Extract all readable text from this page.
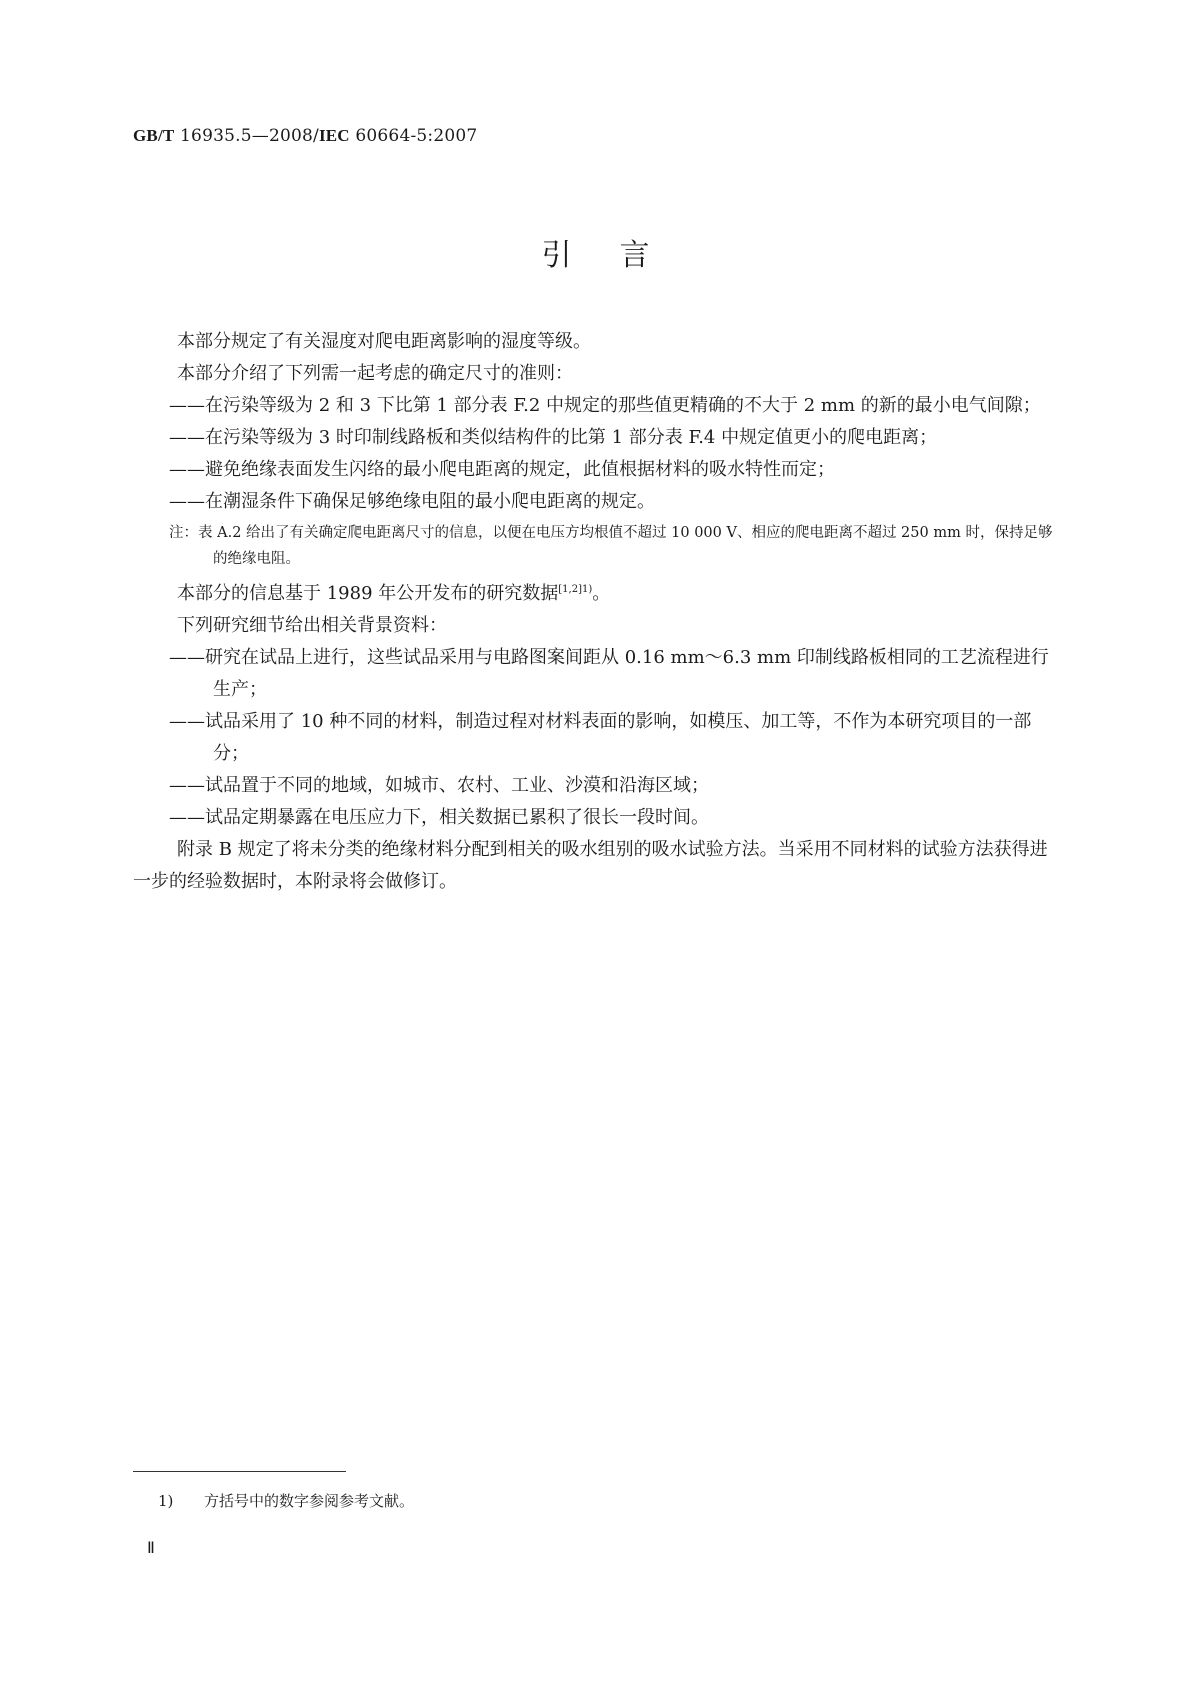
GB/T 16935.5—2008/IEC 60664-5:2007
引言

本部分规定了有关湿度对爬电距离影响的湿度等级。

本部分介绍了下列需一起考虑的确定尺寸的准则：

——在污染等级为 2 和 3 下比第 1 部分表 F.2 中规定的那些值更精确的不大于 2 mm 的新的最小电气间隙；

——在污染等级为 3 时印制线路板和类似结构件的比第 1 部分表 F.4 中规定值更小的爬电距离；

——避免绝缘表面发生闪络的最小爬电距离的规定，此值根据材料的吸水特性而定；

——在潮湿条件下确保足够绝缘电阻的最小爬电距离的规定。

注：表 A.2 给出了有关确定爬电距离尺寸的信息，以便在电压方均根值不超过 10 000 V、相应的爬电距离不超过 250 mm 时，保持足够的绝缘电阻。

本部分的信息基于 1989 年公开发布的研究数据$^{[1,2]1)}$。

下列研究细节给出相关背景资料：

——研究在试品上进行，这些试品采用与电路图案间距从 0.16 mm～6.3 mm 印制线路板相同的工艺流程进行生产；

——试品采用了 10 种不同的材料，制造过程对材料表面的影响，如模压、加工等，不作为本研究项目的一部分；

——试品置于不同的地域，如城市、农村、工业、沙漠和沿海区域；

——试品定期暴露在电压应力下，相关数据已累积了很长一段时间。

附录 B 规定了将未分类的绝缘材料分配到相关的吸水组别的吸水试验方法。当采用不同材料的试验方法获得进一步的经验数据时，本附录将会做修订。

1) 方括号中的数字参阅参考文献。
Ⅱ
